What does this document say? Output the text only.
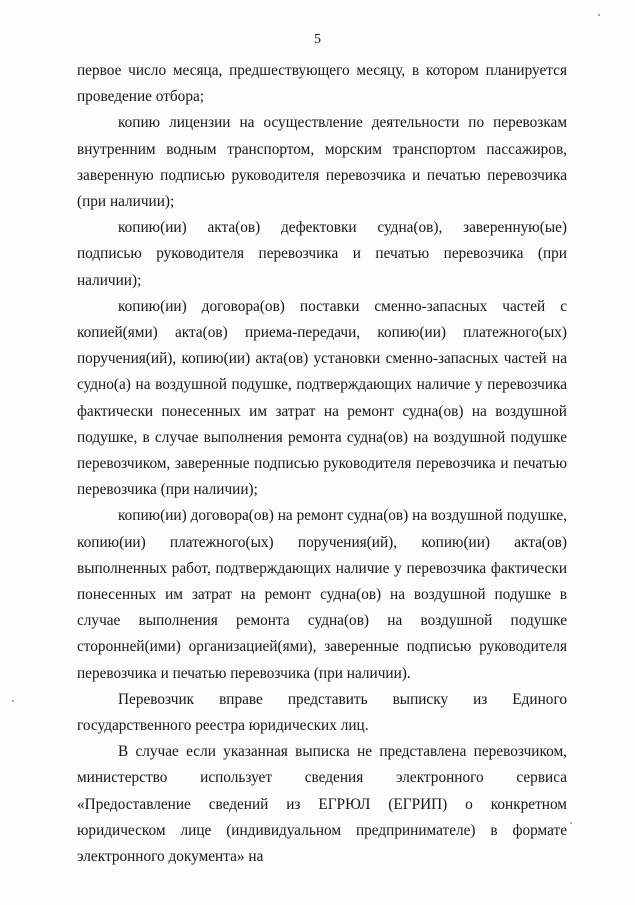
5

первое число месяца, предшествующего месяцу, в котором планируется проведение отбора;

копию лицензии на осуществление деятельности по перевозкам внутренним водным транспортом, морским транспортом пассажиров, заверенную подписью руководителя перевозчика и печатью перевозчика (при наличии);

копию(ии) акта(ов) дефектовки судна(ов), заверенную(ые) подписью руководителя перевозчика и печатью перевозчика (при наличии);

копию(ии) договора(ов) поставки сменно-запасных частей с копией(ями) акта(ов) приема-передачи, копию(ии) платежного(ых) поручения(ий), копию(ии) акта(ов) установки сменно-запасных частей на судно(а) на воздушной подушке, подтверждающих наличие у перевозчика фактически понесенных им затрат на ремонт судна(ов) на воздушной подушке, в случае выполнения ремонта судна(ов) на воздушной подушке перевозчиком, заверенные подписью руководителя перевозчика и печатью перевозчика (при наличии);

копию(ии) договора(ов) на ремонт судна(ов) на воздушной подушке, копию(ии) платежного(ых) поручения(ий), копию(ии) акта(ов) выполненных работ, подтверждающих наличие у перевозчика фактически понесенных им затрат на ремонт судна(ов) на воздушной подушке в случае выполнения ремонта судна(ов) на воздушной подушке сторонней(ими) организацией(ями), заверенные подписью руководителя перевозчика и печатью перевозчика (при наличии).

Перевозчик вправе представить выписку из Единого государственного реестра юридических лиц.

В случае если указанная выписка не представлена перевозчиком, министерство использует сведения электронного сервиса «Предоставление сведений из ЕГРЮЛ (ЕГРИП) о конкретном юридическом лице (индивидуальном предпринимателе) в формате электронного документа» на
